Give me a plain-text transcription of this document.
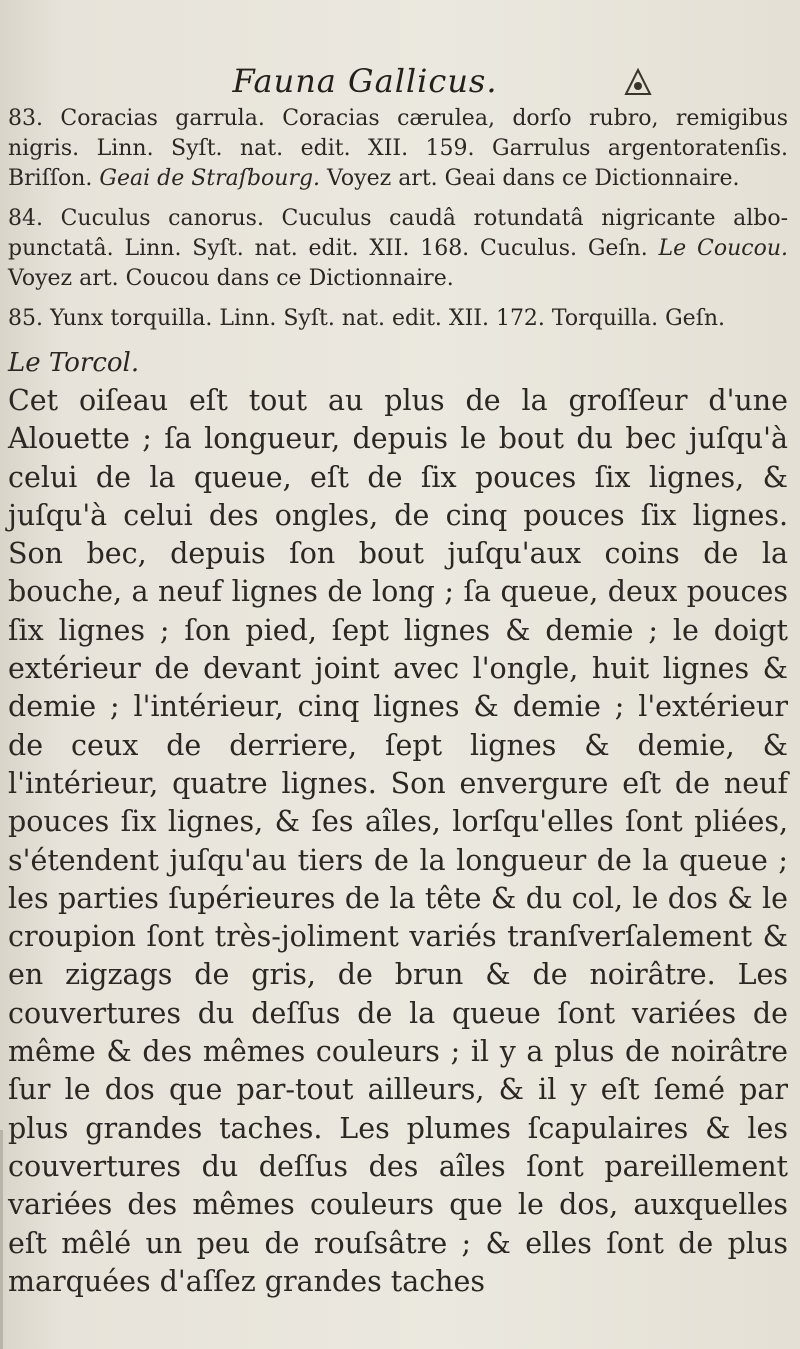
Fauna Gallicus.
83. Coracias garrula. Coracias cærulea, dorſo rubro, remigibus nigris. Linn. Syſt. nat. edit. XII. 159. Garrulus argentoratenſis. Briſſon. Geai de Straſbourg. Voyez art. Geai dans ce Dictionnaire.
84. Cuculus canorus. Cuculus caudâ rotundatâ nigricante albo-punctatâ. Linn. Syſt. nat. edit. XII. 168. Cuculus. Geſn. Le Coucou. Voyez art. Coucou dans ce Dictionnaire.
85. Yunx torquilla. Linn. Syſt. nat. edit. XII. 172. Torquilla. Geſn.

Le Torcol.

Cet oiſeau eſt tout au plus de la groſſeur d'une Alouette ; ſa longueur, depuis le bout du bec juſqu'à celui de la queue, eſt de ſix pouces ſix lignes, & juſqu'à celui des ongles, de cinq pouces ſix lignes. Son bec, depuis ſon bout juſqu'aux coins de la bouche, a neuf lignes de long ; ſa queue, deux pouces ſix lignes ; ſon pied, ſept lignes & demie ; le doigt extérieur de devant joint avec l'ongle, huit lignes & demie ; l'intérieur, cinq lignes & demie ; l'extérieur de ceux de derriere, ſept lignes & demie, & l'intérieur, quatre lignes. Son envergure eſt de neuf pouces ſix lignes, & ſes aîles, lorſqu'elles ſont pliées, s'étendent juſqu'au tiers de la longueur de la queue ; les parties ſupérieures de la tête & du col, le dos & le croupion ſont très-joliment variés tranſverſalement & en zigzags de gris, de brun & de noirâtre. Les couvertures du deſſus de la queue ſont variées de même & des mêmes couleurs ; il y a plus de noirâtre ſur le dos que par-tout ailleurs, & il y eſt ſemé par plus grandes taches. Les plumes ſcapulaires & les couvertures du deſſus des aîles ſont pareillement variées des mêmes couleurs que le dos, auxquelles eſt mêlé un peu de rouſsâtre ; & elles ſont de plus marquées d'aſſez grandes taches
